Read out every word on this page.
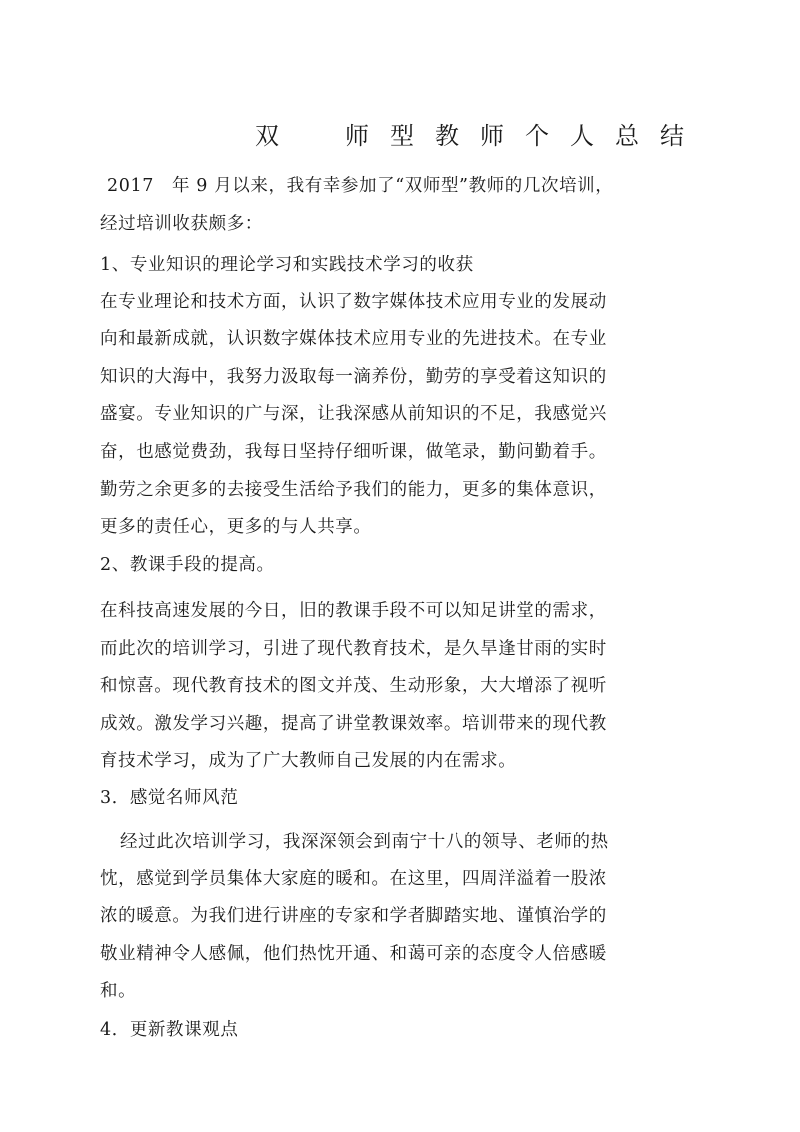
双　师型教师个人总结
2017　年 9 月以来，我有幸参加了“双师型”教师的几次培训，
经过培训收获颇多：
1、专业知识的理论学习和实践技术学习的收获
在专业理论和技术方面，认识了数字媒体技术应用专业的发展动
向和最新成就，认识数字媒体技术应用专业的先进技术。在专业
知识的大海中，我努力汲取每一滴养份，勤劳的享受着这知识的
盛宴。专业知识的广与深，让我深感从前知识的不足，我感觉兴
奋，也感觉费劲，我每日坚持仔细听课，做笔录，勤问勤着手。
勤劳之余更多的去接受生活给予我们的能力，更多的集体意识，
更多的责任心，更多的与人共享。
2、教课手段的提高。
在科技高速发展的今日，旧的教课手段不可以知足讲堂的需求，
而此次的培训学习，引进了现代教育技术，是久旱逢甘雨的实时
和惊喜。现代教育技术的图文并茂、生动形象，大大增添了视听
成效。激发学习兴趣，提高了讲堂教课效率。培训带来的现代教
育技术学习，成为了广大教师自己发展的内在需求。
3．感觉名师风范
经过此次培训学习，我深深领会到南宁十八的领导、老师的热
忱，感觉到学员集体大家庭的暖和。在这里，四周洋溢着一股浓
浓的暖意。为我们进行讲座的专家和学者脚踏实地、谨慎治学的
敬业精神令人感佩，他们热忱开通、和蔼可亲的态度令人倍感暖
和。
4．更新教课观点
